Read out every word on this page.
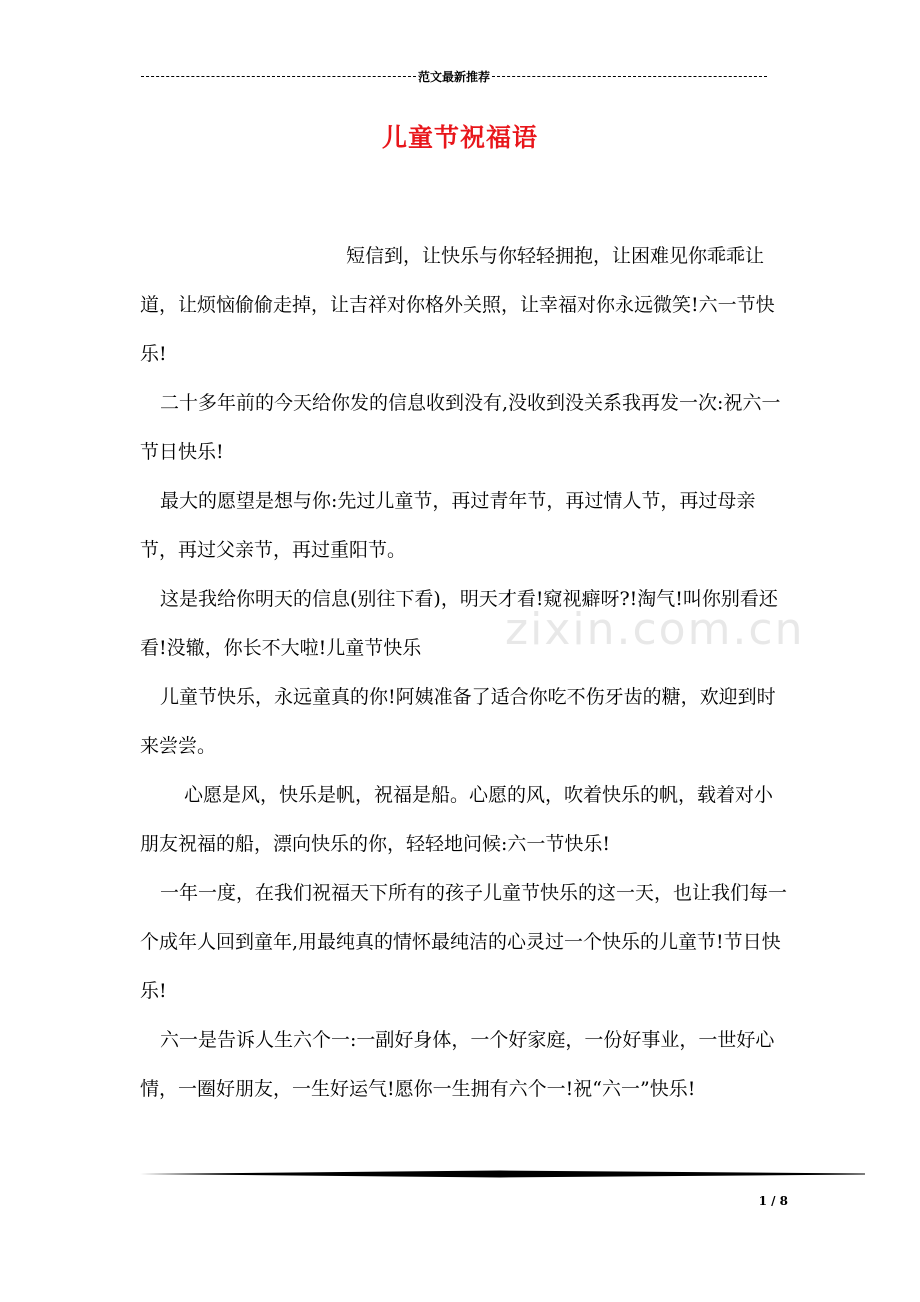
范文最新推荐
儿童节祝福语

短信到，让快乐与你轻轻拥抱，让困难见你乖乖让道，让烦恼偷偷走掉，让吉祥对你格外关照，让幸福对你永远微笑!六一节快乐!

二十多年前的今天给你发的信息收到没有,没收到没关系我再发一次:祝六一节日快乐!

最大的愿望是想与你:先过儿童节，再过青年节，再过情人节，再过母亲节，再过父亲节，再过重阳节。

这是我给你明天的信息(别往下看)，明天才看!窥视癖呀?!淘气!叫你别看还看!没辙，你长不大啦!儿童节快乐

儿童节快乐，永远童真的你!阿姨准备了适合你吃不伤牙齿的糖，欢迎到时来尝尝。

心愿是风，快乐是帆，祝福是船。心愿的风，吹着快乐的帆，载着对小朋友祝福的船，漂向快乐的你，轻轻地问候:六一节快乐!

一年一度，在我们祝福天下所有的孩子儿童节快乐的这一天，也让我们每一个成年人回到童年,用最纯真的情怀最纯洁的心灵过一个快乐的儿童节!节日快乐!

六一是告诉人生六个一:一副好身体，一个好家庭，一份好事业，一世好心情，一圈好朋友，一生好运气!愿你一生拥有六个一!祝“六一”快乐!

zixin.com.cn
1 / 8
